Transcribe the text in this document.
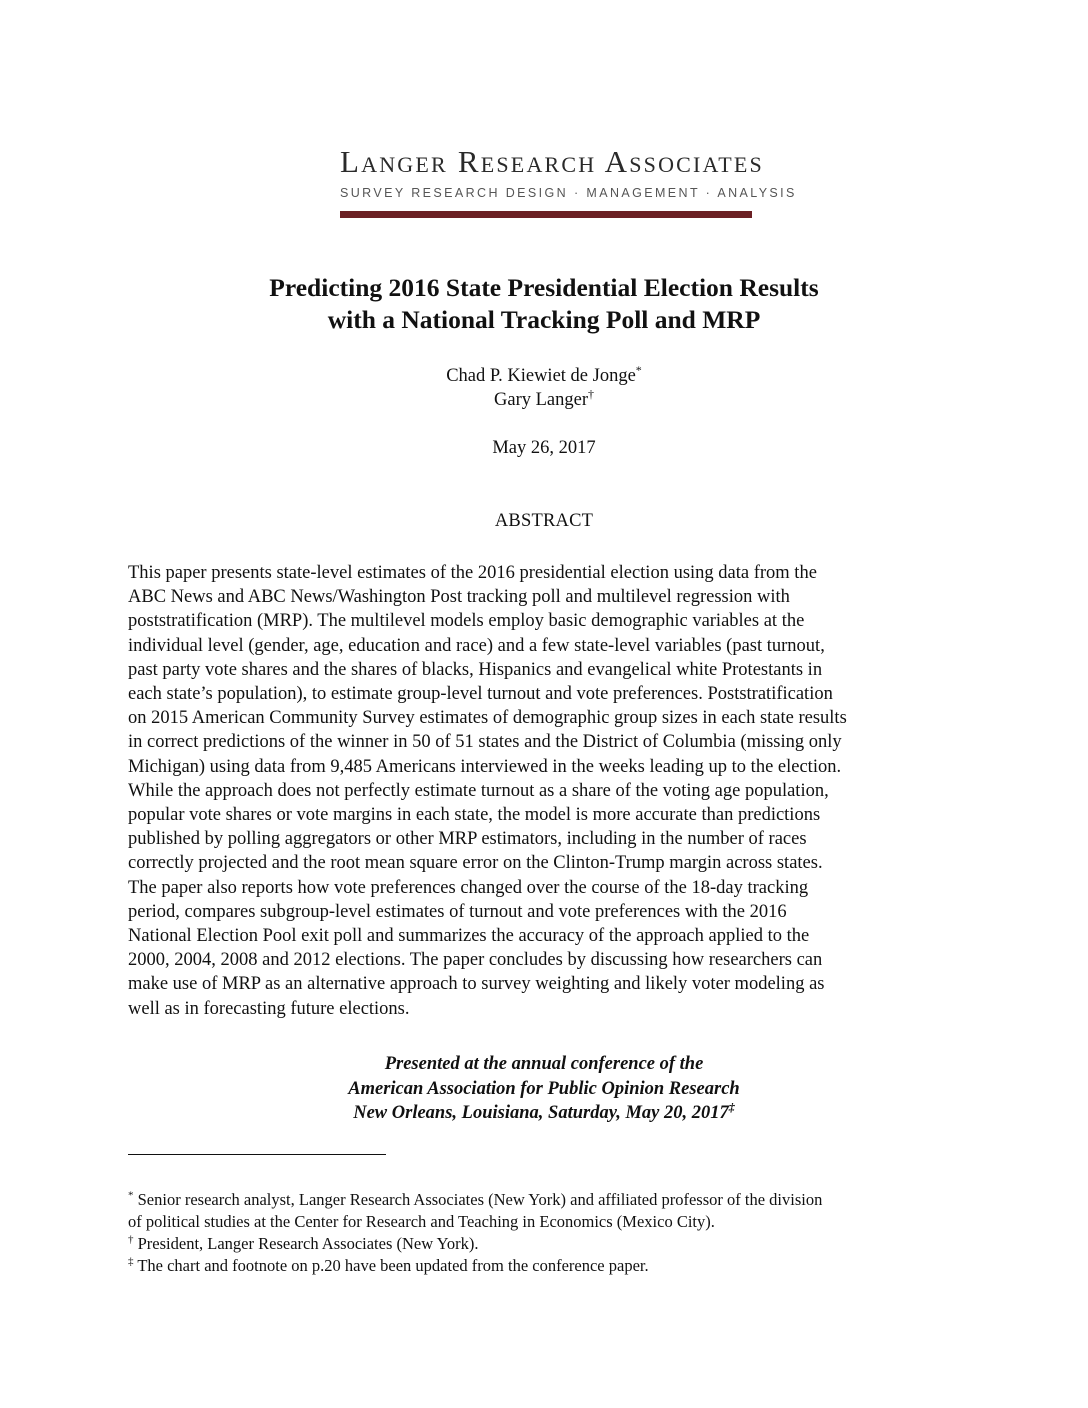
Langer Research Associates
SURVEY RESEARCH DESIGN · MANAGEMENT · ANALYSIS
Predicting 2016 State Presidential Election Results
with a National Tracking Poll and MRP
Chad P. Kiewiet de Jonge*
Gary Langer†
May 26, 2017
ABSTRACT
This paper presents state-level estimates of the 2016 presidential election using data from the
ABC News and ABC News/Washington Post tracking poll and multilevel regression with
poststratification (MRP). The multilevel models employ basic demographic variables at the
individual level (gender, age, education and race) and a few state-level variables (past turnout,
past party vote shares and the shares of blacks, Hispanics and evangelical white Protestants in
each state’s population), to estimate group-level turnout and vote preferences. Poststratification
on 2015 American Community Survey estimates of demographic group sizes in each state results
in correct predictions of the winner in 50 of 51 states and the District of Columbia (missing only
Michigan) using data from 9,485 Americans interviewed in the weeks leading up to the election.
While the approach does not perfectly estimate turnout as a share of the voting age population,
popular vote shares or vote margins in each state, the model is more accurate than predictions
published by polling aggregators or other MRP estimators, including in the number of races
correctly projected and the root mean square error on the Clinton-Trump margin across states.
The paper also reports how vote preferences changed over the course of the 18-day tracking
period, compares subgroup-level estimates of turnout and vote preferences with the 2016
National Election Pool exit poll and summarizes the accuracy of the approach applied to the
2000, 2004, 2008 and 2012 elections. The paper concludes by discussing how researchers can
make use of MRP as an alternative approach to survey weighting and likely voter modeling as
well as in forecasting future elections.
Presented at the annual conference of the
American Association for Public Opinion Research
New Orleans, Louisiana, Saturday, May 20, 2017‡
* Senior research analyst, Langer Research Associates (New York) and affiliated professor of the division
of political studies at the Center for Research and Teaching in Economics (Mexico City).
† President, Langer Research Associates (New York).
‡ The chart and footnote on p.20 have been updated from the conference paper.
